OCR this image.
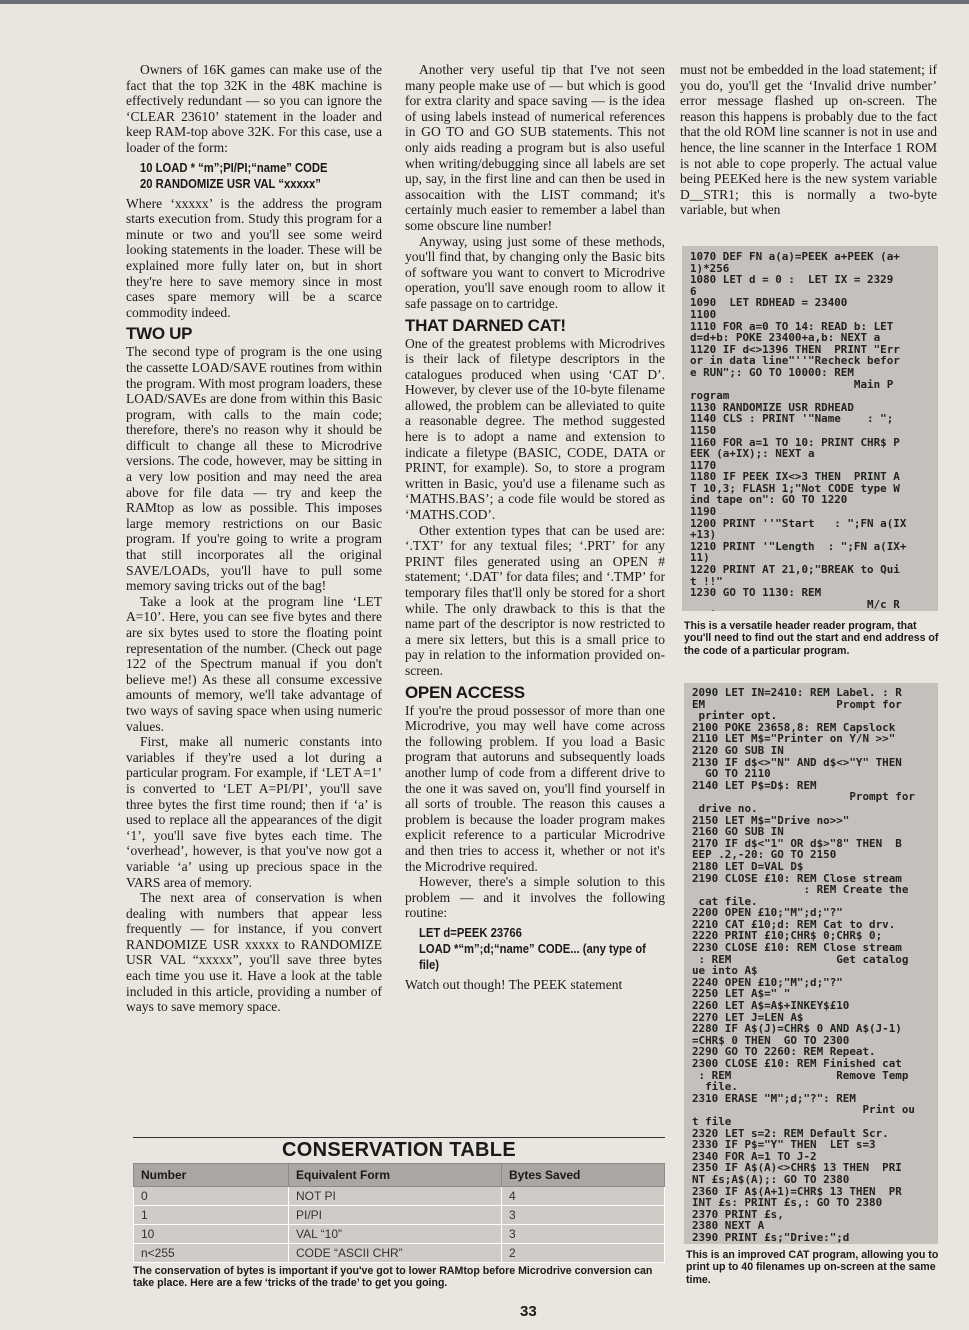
Owners of 16K games can make use of the fact that the top 32K in the 48K machine is effectively redundant — so you can ignore the ‘CLEAR 23610’ statement in the loader and keep RAM-top above 32K. For this case, use a loader of the form:

10 LOAD * “m”;PI/PI;“name” CODE
20 RANDOMIZE USR VAL “xxxxx”

Where ‘xxxxx’ is the address the program starts execution from. Study this program for a minute or two and you'll see some weird looking statements in the loader. These will be explained more fully later on, but in short they're here to save memory since in most cases spare memory will be a scarce commodity indeed.

TWO UP

The second type of program is the one using the cassette LOAD/SAVE routines from within the program. With most program loaders, these LOAD/SAVEs are done from within this Basic program, with calls to the main code; therefore, there's no reason why it should be difficult to change all these to Microdrive versions. The code, however, may be sitting in a very low position and may need the area above for file data — try and keep the RAMtop as low as possible. This imposes large memory restrictions on our Basic program. If you're going to write a program that still incorporates all the original SAVE/LOADs, you'll have to pull some memory saving tricks out of the bag!

Take a look at the program line ‘LET A=10’. Here, you can see five bytes and there are six bytes used to store the floating point representation of the number. (Check out page 122 of the Spectrum manual if you don't believe me!) As these all consume excessive amounts of memory, we'll take advantage of two ways of saving space when using numeric values.

First, make all numeric constants into variables if they're used a lot during a particular program. For example, if ‘LET A=1’ is converted to ‘LET A=PI/PI’, you'll save three bytes the first time round; then if ‘a’ is used to replace all the appearances of the digit ‘1’, you'll save five bytes each time. The ‘overhead’, however, is that you've now got a variable ‘a’ using up precious space in the VARS area of memory.

The next area of conservation is when dealing with numbers that appear less frequently — for instance, if you convert RANDOMIZE USR xxxxx to RANDOMIZE USR VAL “xxxxx”, you'll save three bytes each time you use it. Have a look at the table included in this article, providing a number of ways to save memory space.

Another very useful tip that I've not seen many people make use of — but which is good for extra clarity and space saving — is the idea of using labels instead of numerical references in GO TO and GO SUB statements. This not only aids reading a program but is also useful when writing/debugging since all labels are set up, say, in the first line and can then be used in assocaition with the LIST command; it's certainly much easier to remember a label than some obscure line number!

Anyway, using just some of these methods, you'll find that, by changing only the Basic bits of software you want to convert to Microdrive operation, you'll save enough room to allow it safe passage on to cartridge.

THAT DARNED CAT!

One of the greatest problems with Microdrives is their lack of filetype descriptors in the catalogues produced when using ‘CAT D’. However, by clever use of the 10-byte filename allowed, the problem can be alleviated to quite a reasonable degree. The method suggested here is to adopt a name and extension to indicate a filetype (BASIC, CODE, DATA or PRINT, for example). So, to store a program written in Basic, you'd use a filename such as ‘MATHS.BAS’; a code file would be stored as ‘MATHS.COD’.

Other extention types that can be used are: ‘.TXT’ for any textual files; ‘.PRT’ for any PRINT files generated using an OPEN # statement; ‘.DAT’ for data files; and ‘.TMP’ for temporary files that'll only be stored for a short while. The only drawback to this is that the name part of the descriptor is now restricted to a mere six letters, but this is a small price to pay in relation to the information provided on-screen.

OPEN ACCESS

If you're the proud possessor of more than one Microdrive, you may well have come across the following problem. If you load a Basic program that autoruns and subsequently loads another lump of code from a different drive to the one it was saved on, you'll find yourself in all sorts of trouble. The reason this causes a problem is because the loader program makes explicit reference to a particular Microdrive and then tries to access it, whether or not it's the Microdrive required.

However, there's a simple solution to this problem — and it involves the following routine:

LET d=PEEK 23766
LOAD *“m”;d;“name” CODE... (any type of
file)

Watch out though! The PEEK statement

must not be embedded in the load statement; if you do, you'll get the ‘Invalid drive number’ error message flashed up on-screen. The reason this happens is probably due to the fact that the old ROM line scanner is not in use and hence, the line scanner in the Interface 1 ROM is not able to cope properly. The actual value being PEEKed here is the new system variable D__STR1; this is normally a two-byte variable, but when

1070 DEF FN a(a)=PEEK a+PEEK (a+
1)*256
1080 LET d = 0 :  LET IX = 2329
6
1090  LET RDHEAD = 23400
1100
1110 FOR a=0 TO 14: READ b: LET
d=d+b: POKE 23400+a,b: NEXT a
1120 IF d<>1396 THEN  PRINT "Err
or in data line"''"Recheck befor
e RUN";: GO TO 10000: REM
Main P
rogram
1130 RANDOMIZE USR RDHEAD
1140 CLS : PRINT '"Name    : ";
1150
1160 FOR a=1 TO 10: PRINT CHR$ P
EEK (a+IX);: NEXT a
1170
1180 IF PEEK IX<>3 THEN  PRINT A
T 10,3; FLASH 1;"Not CODE type W
ind tape on": GO TO 1220
1190
1200 PRINT ''"Start   : ";FN a(IX
+13)
1210 PRINT '"Length  : ";FN a(IX+
11)
1220 PRINT AT 21,0;"BREAK to Qui
t !!"
1230 GO TO 1130: REM
M/c R
This is a versatile header reader program, that you'll need to find out the start and end address of the code of a particular program.
2090 LET IN=2410: REM Label. : R
EM                    Prompt for
printer opt.
2100 POKE 23658,8: REM Capslock
2110 LET M$="Printer on Y/N >>"
2120 GO SUB IN
2130 IF d$<>"N" AND d$<>"Y" THEN
GO TO 2110
2140 LET P$=D$: REM
Prompt for
drive no.
2150 LET M$="Drive no>>"
2160 GO SUB IN
2170 IF d$<"1" OR d$>"8" THEN  B
EEP .2,-20: GO TO 2150
2180 LET D=VAL D$
2190 CLOSE £10: REM Close stream
: REM Create the
cat file.
2200 OPEN £10;"M";d;"?"
2210 CAT £10;d: REM Cat to drv.
2220 PRINT £10;CHR$ 0;CHR$ 0;
2230 CLOSE £10: REM Close stream
: REM                Get catalog
ue into A$
2240 OPEN £10;"M";d;"?"
2250 LET A$=" "
2260 LET A$=A$+INKEY$£10
2270 LET J=LEN A$
2280 IF A$(J)=CHR$ 0 AND A$(J-1)
=CHR$ 0 THEN  GO TO 2300
2290 GO TO 2260: REM Repeat.
2300 CLOSE £10: REM Finished cat
: REM                Remove Temp
file.
2310 ERASE "M";d;"?": REM
Print ou
t file
2320 LET s=2: REM Default Scr.
2330 IF P$="Y" THEN  LET s=3
2340 FOR A=1 TO J-2
2350 IF A$(A)<>CHR$ 13 THEN  PRI
NT £s;A$(A);: GO TO 2380
2360 IF A$(A+1)=CHR$ 13 THEN  PR
INT £s: PRINT £s,: GO TO 2380
2370 PRINT £s,
2380 NEXT A
2390 PRINT £s;"Drive:";d
This is an improved CAT program, allowing you to print up to 40 filenames up on-screen at the same time.
CONSERVATION TABLE
Number	Equivalent Form	Bytes Saved
0	NOT PI	4
1	PI/PI	3
10	VAL “10”	3
n<255	CODE “ASCII CHR”	2
The conservation of bytes is important if you've got to lower RAMtop before Microdrive conversion can take place. Here are a few ‘tricks of the trade’ to get you going.
33
